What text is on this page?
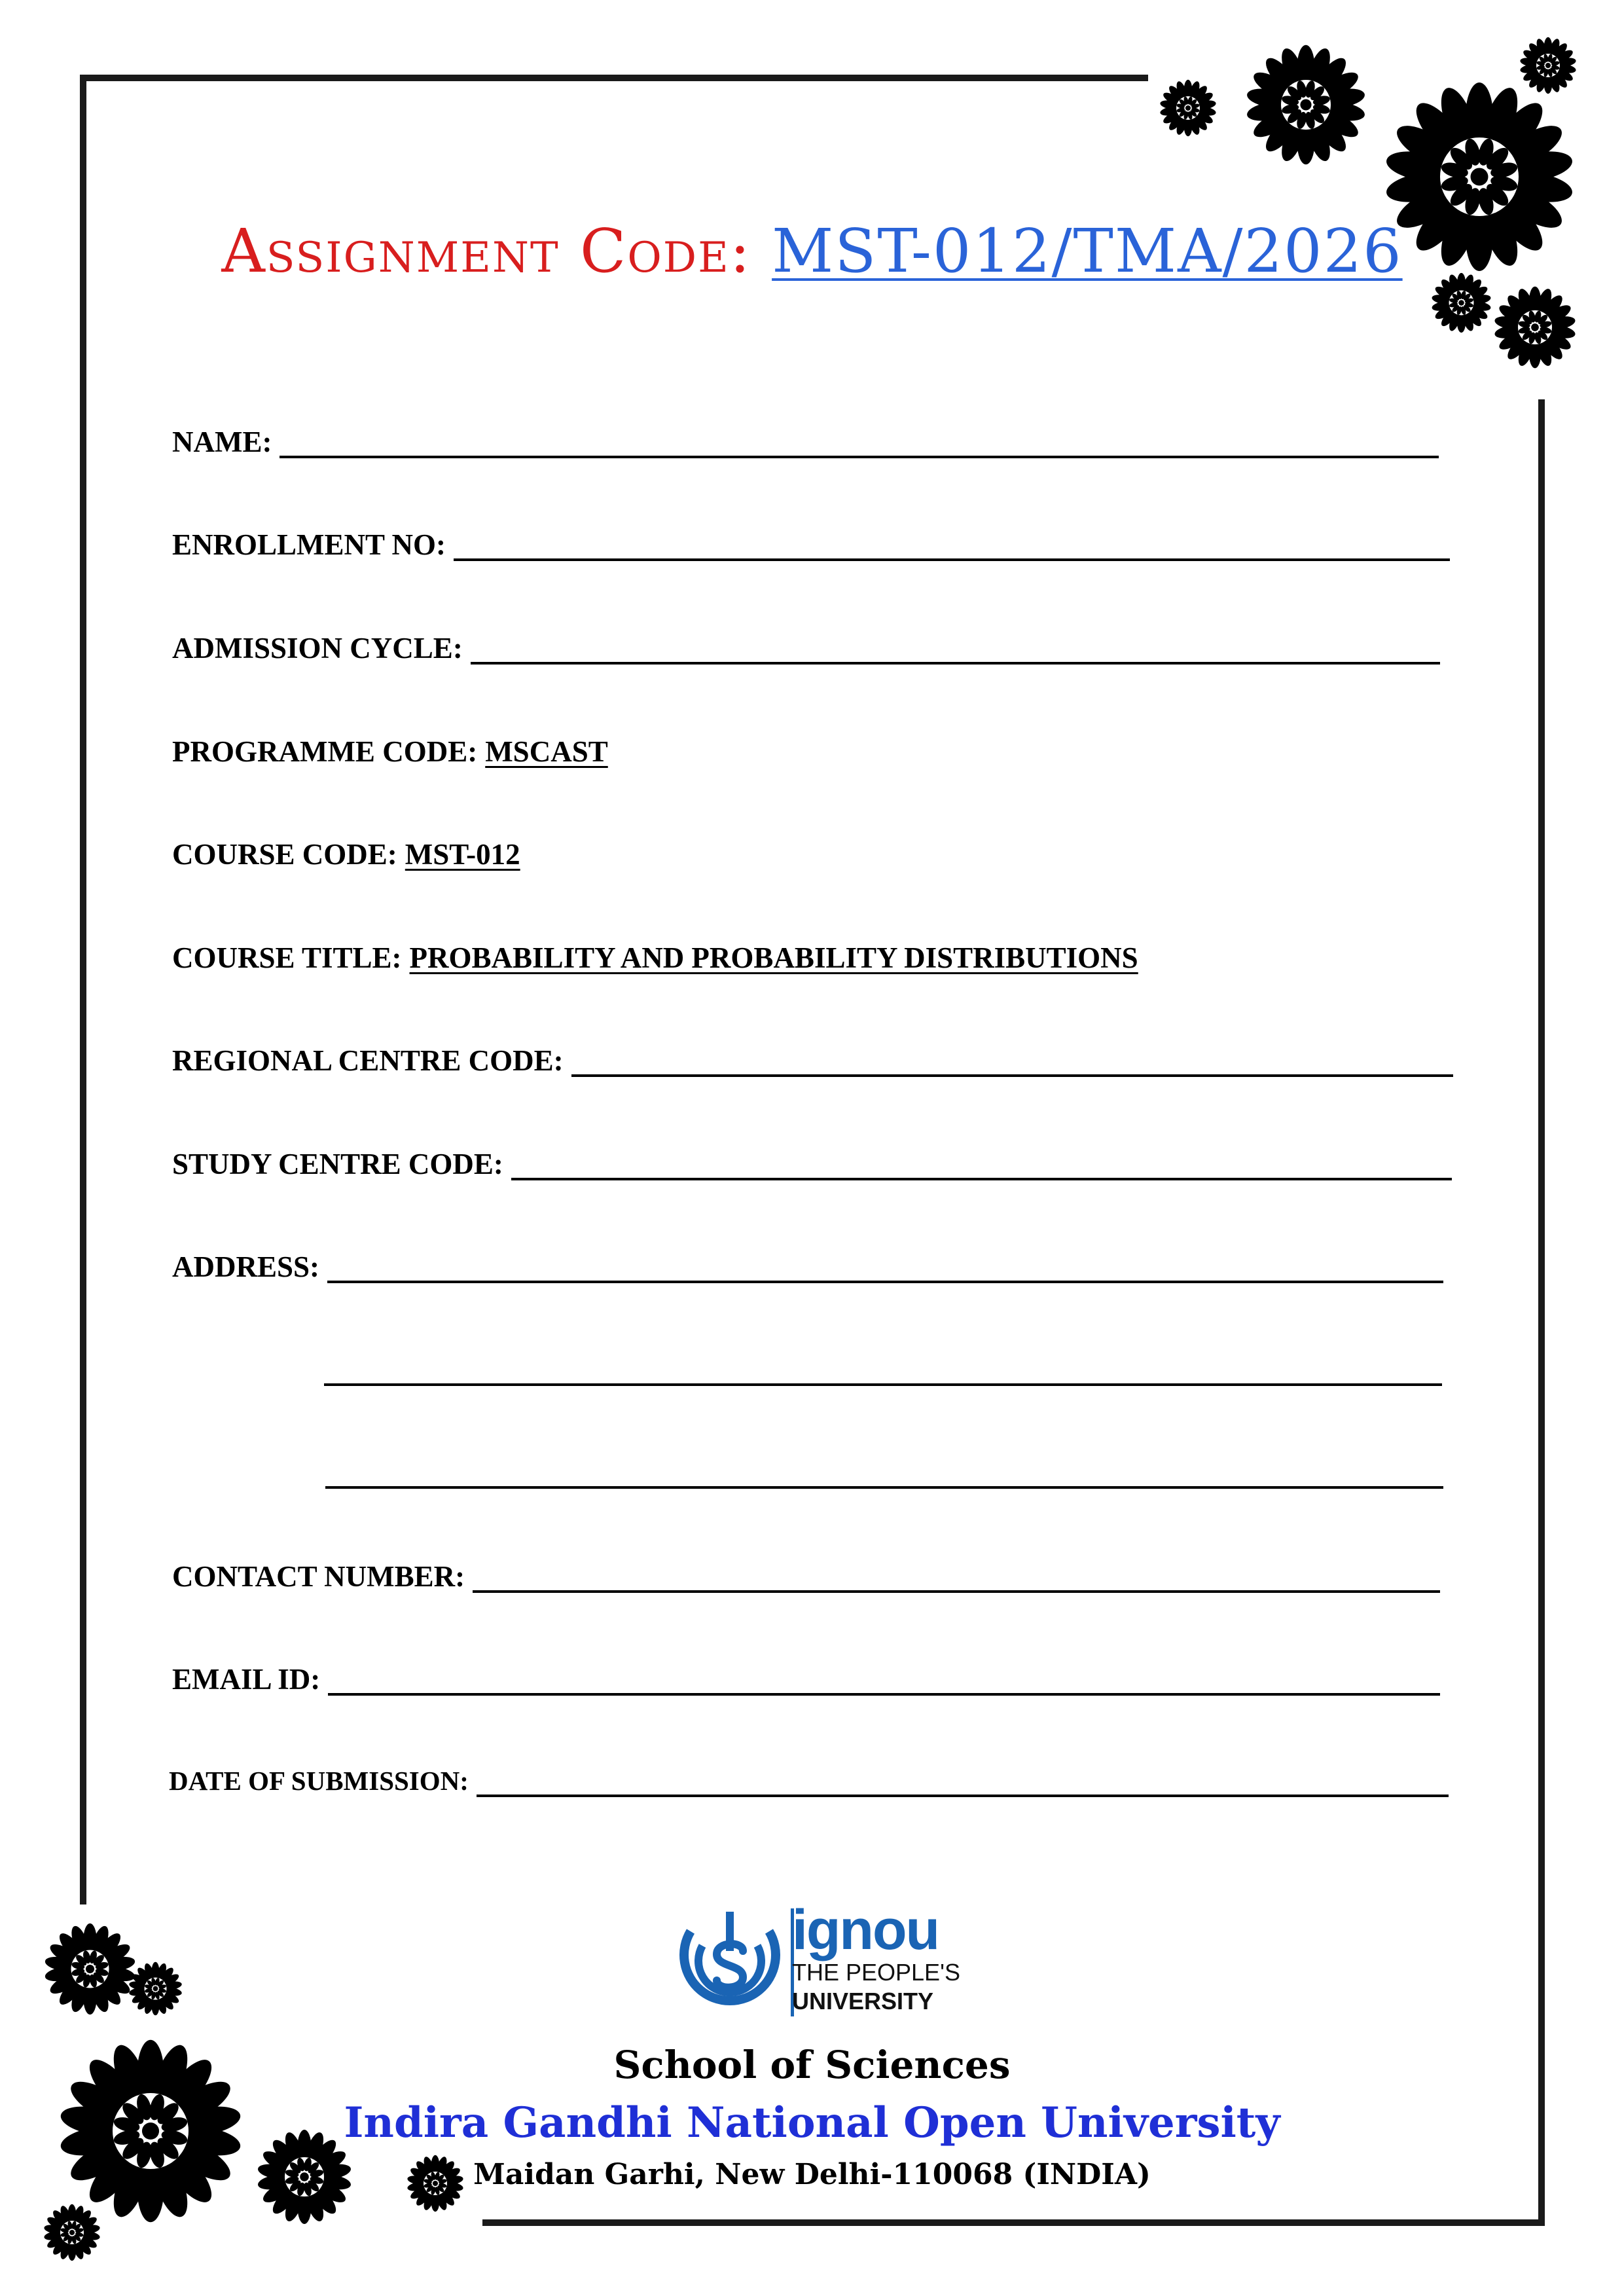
Assignment Code: MST-012/TMA/2026
NAME:
ENROLLMENT NO:
ADMISSION CYCLE:
PROGRAMME CODE: MSCAST
COURSE CODE: MST-012
COURSE TITLE: PROBABILITY AND PROBABILITY DISTRIBUTIONS
REGIONAL CENTRE CODE:
STUDY CENTRE CODE:
ADDRESS:
CONTACT NUMBER:
EMAIL ID:
DATE OF SUBMISSION:
ignou
THE PEOPLE'S
UNIVERSITY
School of Sciences
Indira Gandhi National Open University
Maidan Garhi, New Delhi-110068 (INDIA)
